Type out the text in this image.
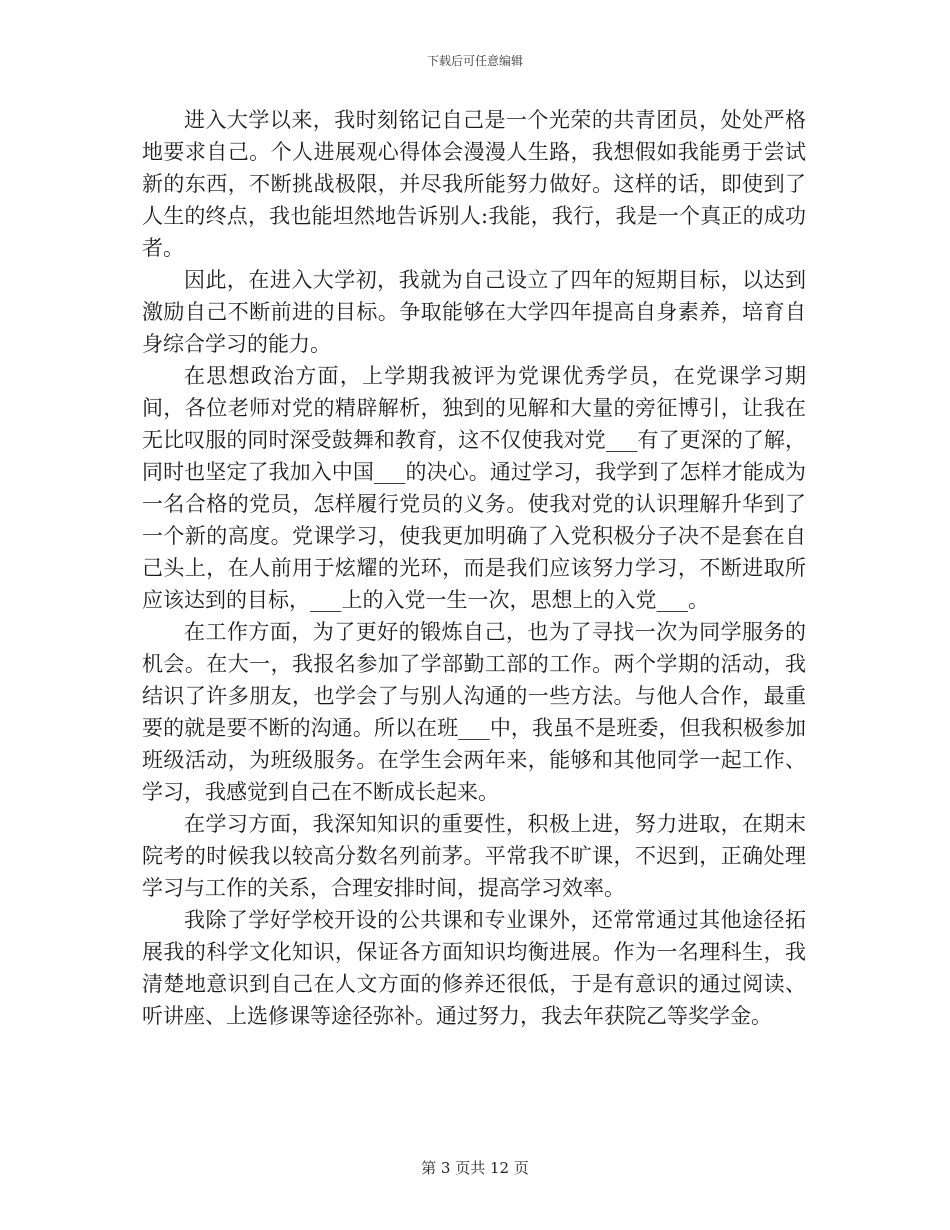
下载后可任意编辑

进入大学以来，我时刻铭记自己是一个光荣的共青团员，处处严格地要求自己。个人进展观心得体会漫漫人生路，我想假如我能勇于尝试新的东西，不断挑战极限，并尽我所能努力做好。这样的话，即使到了人生的终点，我也能坦然地告诉别人:我能，我行，我是一个真正的成功者。

因此，在进入大学初，我就为自己设立了四年的短期目标，以达到激励自己不断前进的目标。争取能够在大学四年提高自身素养，培育自身综合学习的能力。

在思想政治方面，上学期我被评为党课优秀学员，在党课学习期间，各位老师对党的精辟解析，独到的见解和大量的旁征博引，让我在无比叹服的同时深受鼓舞和教育，这不仅使我对党___有了更深的了解，同时也坚定了我加入中国___的决心。通过学习，我学到了怎样才能成为一名合格的党员，怎样履行党员的义务。使我对党的认识理解升华到了一个新的高度。党课学习，使我更加明确了入党积极分子决不是套在自己头上，在人前用于炫耀的光环，而是我们应该努力学习，不断进取所应该达到的目标，___上的入党一生一次，思想上的入党___。

在工作方面，为了更好的锻炼自己，也为了寻找一次为同学服务的机会。在大一，我报名参加了学部勤工部的工作。两个学期的活动，我结识了许多朋友，也学会了与别人沟通的一些方法。与他人合作，最重要的就是要不断的沟通。所以在班___中，我虽不是班委，但我积极参加班级活动，为班级服务。在学生会两年来，能够和其他同学一起工作、学习，我感觉到自己在不断成长起来。

在学习方面，我深知知识的重要性，积极上进，努力进取，在期末院考的时候我以较高分数名列前茅。平常我不旷课，不迟到，正确处理学习与工作的关系，合理安排时间，提高学习效率。

我除了学好学校开设的公共课和专业课外，还常常通过其他途径拓展我的科学文化知识，保证各方面知识均衡进展。作为一名理科生，我清楚地意识到自己在人文方面的修养还很低，于是有意识的通过阅读、听讲座、上选修课等途径弥补。通过努力，我去年获院乙等奖学金。

第 3 页共 12 页
